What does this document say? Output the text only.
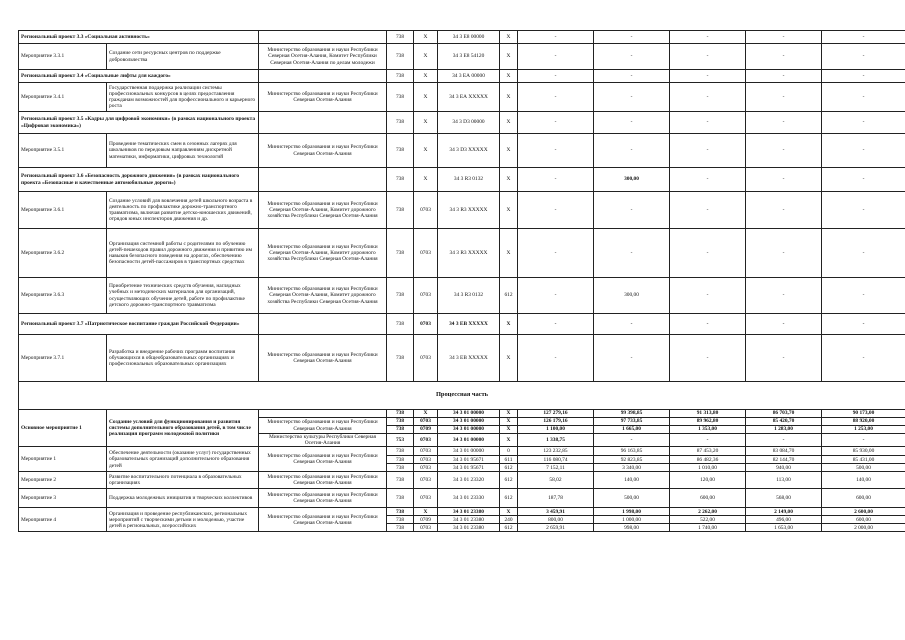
Региональный проект 3.3 «Социальная активность»			738	Х	34 3 Е8 00000	Х	-	-	-	-	-
Мероприятие 3.3.1	Создание сети ресурсных центров по поддержке добровольчества	Министерство образования и науки Республики Северная Осетия-Алания, Комитет Республики Северная Осетия-Алания по делам молодежи	738	Х	34 3 Е8 54120	Х	-	-	-	-	-
Региональный проект 3.4 «Социальные лифты для каждого»			738	Х	34 3 ЕА 00000	Х	-	-	-	-	-
Мероприятие 3.4.1	Государственная поддержка реализации системы профессиональных конкурсов в целях предоставления гражданам возможностей для профессионального и карьерного роста	Министерство образования и науки Республики Северная Осетия-Алания	738	Х	34 3 ЕА ХХХХХ	Х	-	-	-	-	-
Региональный проект 3.5 «Кадры для цифровой экономики» (в рамках национального проекта «Цифровая экономика»)			738	Х	34 3 D3 00000	Х	-	-	-	-	-
Мероприятие 3.5.1	Проведение тематических смен в сезонных лагерях для школьников по передовым направлениям дискретной математики, информатики, цифровых технологий	Министерство образования и науки Республики Северная Осетия-Алания	738	Х	34 3 D3 ХХХХХ	Х	-	-	-	-	-
Региональный проект 3.6 «Безопасность дорожного движения» (в рамках национального проекта «Безопасные и качественные автомобильные дороги»)			738	Х	34 3 R3 0132	Х	-	300,00	-	-	-
Мероприятие 3.6.1	Создание условий для вовлечения детей школьного возраста в деятельность по профилактике дорожно-транспортного травматизма, включая развитие детско-юношеских движений, отрядов юных инспекторов движения и др.	Министерство образования и науки Республики Северная Осетия-Алания, Комитет дорожного хозяйства Республики Северная Осетия-Алания	738	0703	34 3 R3 ХХХХХ	Х	-	-	-	-	-
Мероприятие 3.6.2	Организация системной работы с родителями по обучению детей-пешеходов правил дорожного движения и привитию им навыков безопасного поведения на дорогах, обеспечению безопасности детей-пассажиров в транспортных средствах	Министерство образования и науки Республики Северная Осетия-Алания, Комитет дорожного хозяйства Республики Северная Осетия-Алания	738	0703	34 3 R3 ХХХХХ	Х	-	-	-	-	-
Мероприятие 3.6.3	Приобретение технических средств обучения, наглядных учебных и методических материалов для организаций, осуществляющих обучение детей, работе по профилактике детского дорожно-транспортного травматизма	Министерство образования и науки Республики Северная Осетия-Алания, Комитет дорожного хозяйства Республики Северная Осетия-Алания	738	0703	34 3 R3 0132	612	-	300,00	-	-	-
Региональный проект 3.7 «Патриотическое воспитание граждан Российской Федерации»			738	0703	34 3 ЕВ ХХХХХ	Х	-	-	-	-	-
Мероприятие 3.7.1	Разработка и внедрение рабочих программ воспитания обучающихся в общеобразовательных организациях и профессиональных образовательных организациях	Министерство образования и науки Республики Северная Осетия-Алания	738	0703	34 3 ЕВ ХХХХХ	Х	-	-	-	-	-
Процессная часть											
Основное мероприятие 1	Создание условий для функционирования и развития системы дополнительного образования детей, в том числе реализация программ молодежной политики		738	Х	34 3 01 00000	Х	127 279,16	99 398,85	91 313,80	86 703,70	90 173,00
		Министерство образования и науки Республики Северная Осетия-Алания	738	0703	34 3 01 00000	Х	126 179,16	97 733,85	89 962,80	85 420,70	88 920,00
			738	0709	34 3 01 00000	Х	1 100,00	1 665,00	1 353,00	1 283,00	1 253,00
		Министерство культуры Республики Северная Осетия-Алания	753	0703	34 3 01 00000	Х	1 338,75	-	-	-	-
Мероприятие 1	Обеспечение деятельности (оказание услуг) государственных образовательных организаций дополнительного образования детей	Министерство образования и науки Республики Северная Осетия-Алания	738	0703	34 3 01 00000	0	123 232,85	96 163,85	87 453,20	83 084,70	85 930,00
			738	0703	34 3 01 95671	611	116 080,74	92 823,85	86 482,36	82 144,70	85 431,00
			738	0703	34 3 01 95671	612	7 152,11	3 340,00	1 010,00	940,00	500,00
Мероприятие 2	Развитие воспитательного потенциала в образовательных организациях	Министерство образования и науки Республики Северная Осетия-Алания	738	0703	34 3 01 23320	612	58,02	140,00	120,00	113,00	140,00
Мероприятие 3	Поддержка молодежных инициатив и творческих коллективов	Министерство образования и науки Республики Северная Осетия-Алания	738	0703	34 3 01 23330	612	187,78	500,00	600,00	568,00	600,00
Мероприятие 4	Организация и проведение республиканских, региональных мероприятий с творческими детьми и молодежью, участие детей в региональных, всероссийских	Министерство образования и науки Республики Северная Осетия-Алания	738	Х	34 3 01 23380	Х	3 459,91	1 998,00	2 262,00	2 149,00	2 600,00
			738	0709	34 3 01 23380	240	800,00	1 000,00	522,00	496,00	600,00
			738	0703	34 3 01 23380	612	2 659,91	998,00	1 740,00	1 653,00	2 000,00
